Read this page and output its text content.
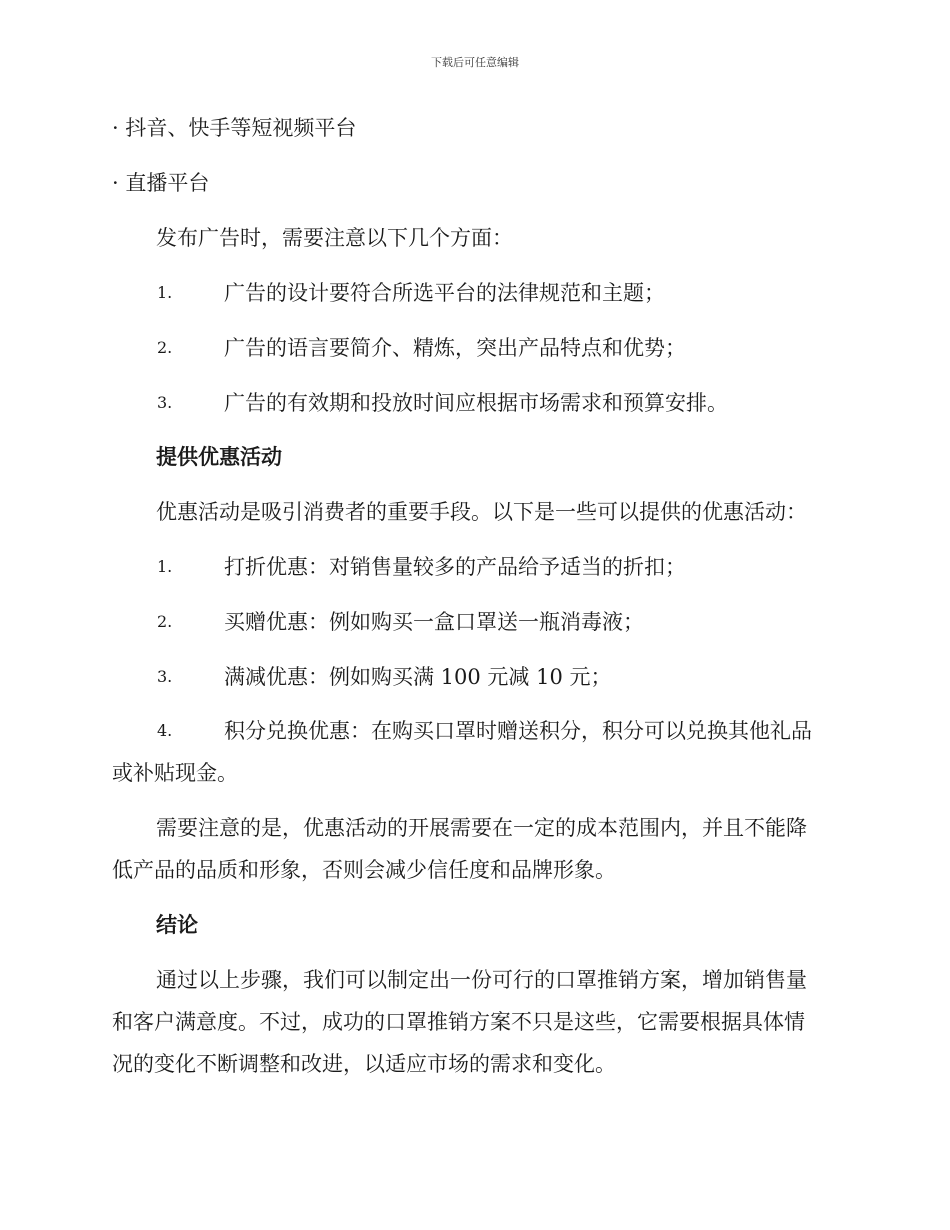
下载后可任意编辑
· 抖音、快手等短视频平台
· 直播平台
发布广告时，需要注意以下几个方面：
1. 广告的设计要符合所选平台的法律规范和主题；
2. 广告的语言要简介、精炼，突出产品特点和优势；
3. 广告的有效期和投放时间应根据市场需求和预算安排。
提供优惠活动
优惠活动是吸引消费者的重要手段。以下是一些可以提供的优惠活动：
1. 打折优惠：对销售量较多的产品给予适当的折扣；
2. 买赠优惠：例如购买一盒口罩送一瓶消毒液；
3. 满减优惠：例如购买满 100 元减 10 元；
4. 积分兑换优惠：在购买口罩时赠送积分，积分可以兑换其他礼品
或补贴现金。
需要注意的是，优惠活动的开展需要在一定的成本范围内，并且不能降
低产品的品质和形象，否则会减少信任度和品牌形象。
结论
通过以上步骤，我们可以制定出一份可行的口罩推销方案，增加销售量
和客户满意度。不过，成功的口罩推销方案不只是这些，它需要根据具体情
况的变化不断调整和改进，以适应市场的需求和变化。
